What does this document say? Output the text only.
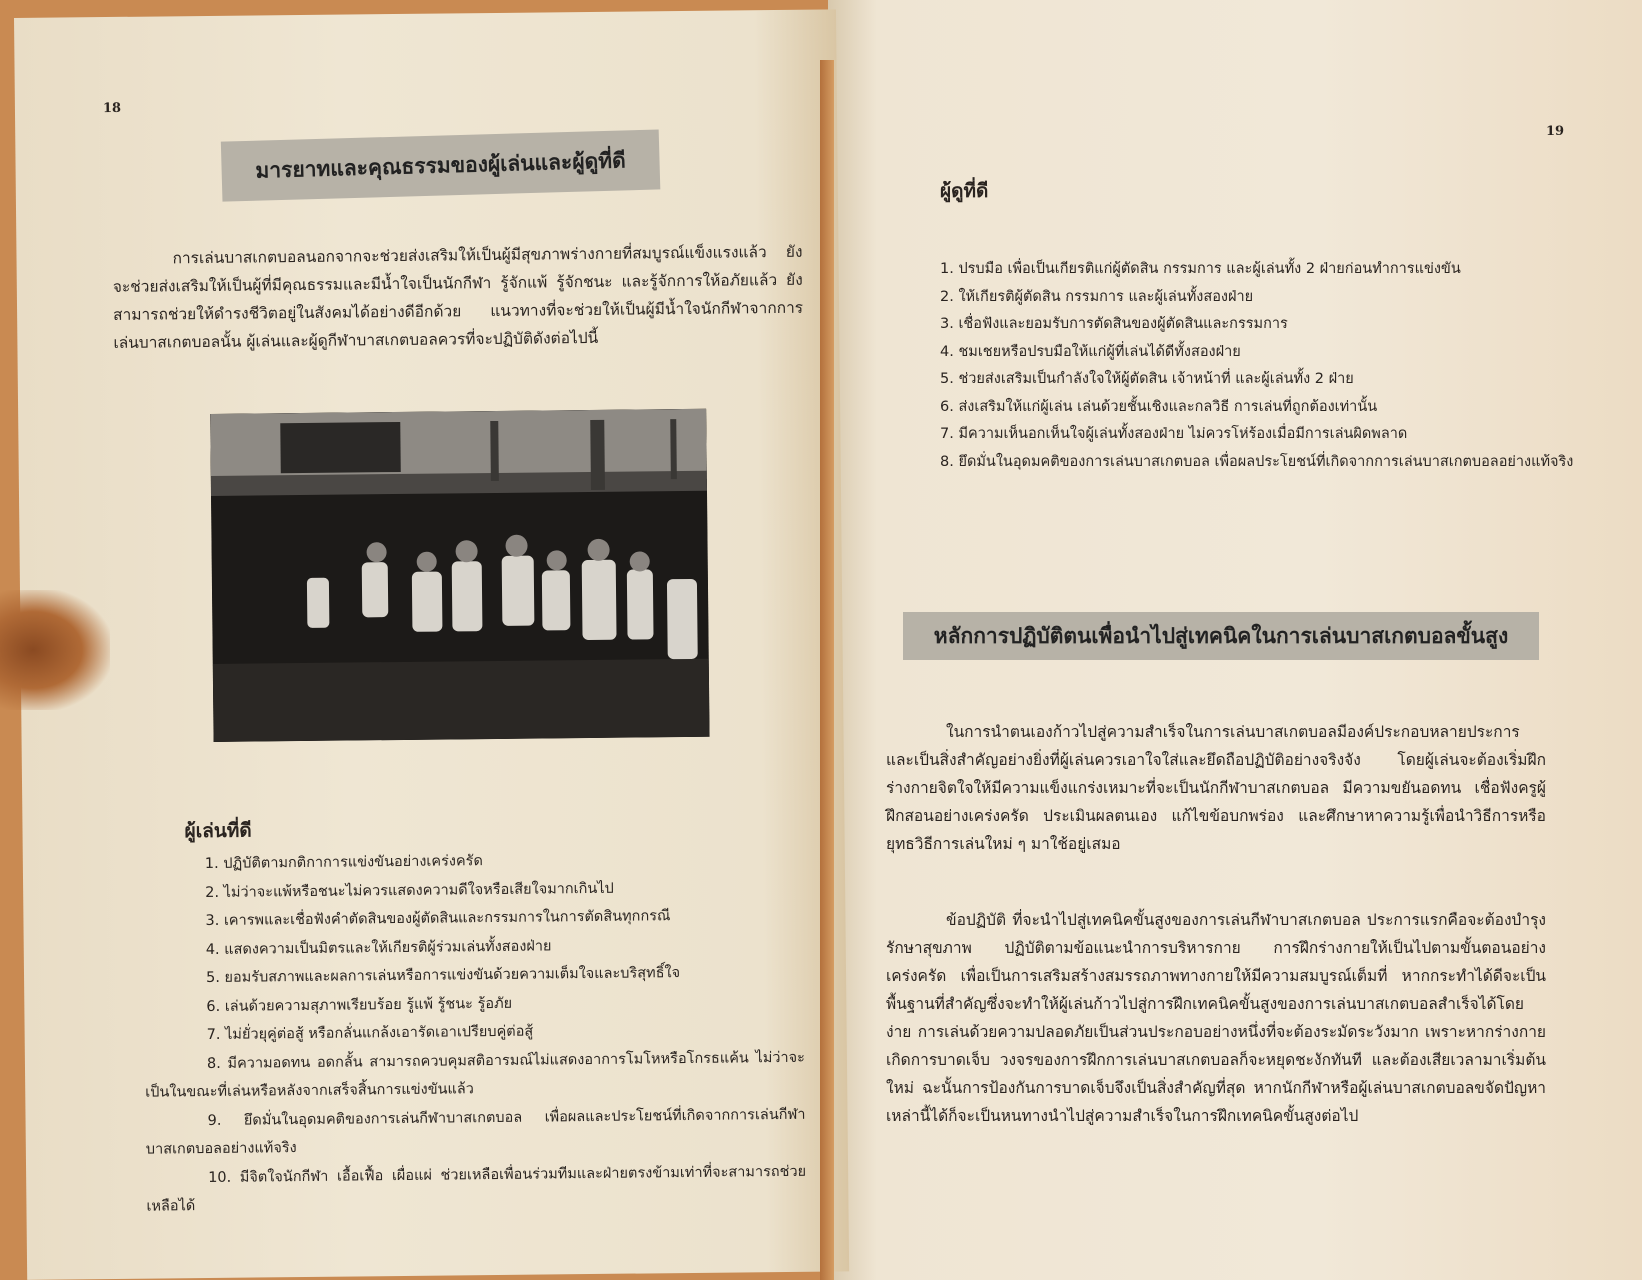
19
ผู้ดูที่ดี
1. ปรบมือ เพื่อเป็นเกียรติแก่ผู้ตัดสิน กรรมการ และผู้เล่นทั้ง 2 ฝ่ายก่อนทำการแข่งขัน
2. ให้เกียรติผู้ตัดสิน กรรมการ และผู้เล่นทั้งสองฝ่าย
3. เชื่อฟังและยอมรับการตัดสินของผู้ตัดสินและกรรมการ
4. ชมเชยหรือปรบมือให้แก่ผู้ที่เล่นได้ดีทั้งสองฝ่าย
5. ช่วยส่งเสริมเป็นกำลังใจให้ผู้ตัดสิน เจ้าหน้าที่ และผู้เล่นทั้ง 2 ฝ่าย
6. ส่งเสริมให้แก่ผู้เล่น เล่นด้วยชั้นเชิงและกลวิธี การเล่นที่ถูกต้องเท่านั้น
7. มีความเห็นอกเห็นใจผู้เล่นทั้งสองฝ่าย ไม่ควรโห่ร้องเมื่อมีการเล่นผิดพลาด
8. ยึดมั่นในอุดมคติของการเล่นบาสเกตบอล เพื่อผลประโยชน์ที่เกิดจากการเล่นบาสเกตบอลอย่างแท้จริง
หลักการปฏิบัติตนเพื่อนำไปสู่เทคนิคในการเล่นบาสเกตบอลขั้นสูง
ในการนำตนเองก้าวไปสู่ความสำเร็จในการเล่นบาสเกตบอลมีองค์ประกอบหลายประการ และเป็นสิ่งสำคัญอย่างยิ่งที่ผู้เล่นควรเอาใจใส่และยึดถือปฏิบัติอย่างจริงจัง โดยผู้เล่นจะต้องเริ่มฝึกร่างกายจิตใจให้มีความแข็งแกร่งเหมาะที่จะเป็นนักกีฬาบาสเกตบอล มีความขยันอดทน เชื่อฟังครูผู้ฝึกสอนอย่างเคร่งครัด ประเมินผลตนเอง แก้ไขข้อบกพร่อง และศึกษาหาความรู้เพื่อนำวิธีการหรือยุทธวิธีการเล่นใหม่ ๆ มาใช้อยู่เสมอ
ข้อปฏิบัติ ที่จะนำไปสู่เทคนิคขั้นสูงของการเล่นกีฬาบาสเกตบอล ประการแรกคือจะต้องบำรุงรักษาสุขภาพ ปฏิบัติตามข้อแนะนำการบริหารกาย การฝึกร่างกายให้เป็นไปตามขั้นตอนอย่างเคร่งครัด เพื่อเป็นการเสริมสร้างสมรรถภาพทางกายให้มีความสมบูรณ์เต็มที่ หากกระทำได้ดีจะเป็นพื้นฐานที่สำคัญซึ่งจะทำให้ผู้เล่นก้าวไปสู่การฝึกเทคนิคขั้นสูงของการเล่นบาสเกตบอลสำเร็จได้โดยง่าย การเล่นด้วยความปลอดภัยเป็นส่วนประกอบอย่างหนึ่งที่จะต้องระมัดระวังมาก เพราะหากร่างกายเกิดการบาดเจ็บ วงจรของการฝึกการเล่นบาสเกตบอลก็จะหยุดชะงักทันที และต้องเสียเวลามาเริ่มต้นใหม่ ฉะนั้นการป้องกันการบาดเจ็บจึงเป็นสิ่งสำคัญที่สุด หากนักกีฬาหรือผู้เล่นบาสเกตบอลขจัดปัญหาเหล่านี้ได้ก็จะเป็นหนทางนำไปสู่ความสำเร็จในการฝึกเทคนิคขั้นสูงต่อไป
18
มารยาทและคุณธรรมของผู้เล่นและผู้ดูที่ดี
การเล่นบาสเกตบอลนอกจากจะช่วยส่งเสริมให้เป็นผู้มีสุขภาพร่างกายที่สมบูรณ์แข็งแรงแล้ว ยังจะช่วยส่งเสริมให้เป็นผู้ที่มีคุณธรรมและมีน้ำใจเป็นนักกีฬา รู้จักแพ้ รู้จักชนะ และรู้จักการให้อภัยแล้ว ยังสามารถช่วยให้ดำรงชีวิตอยู่ในสังคมได้อย่างดีอีกด้วย แนวทางที่จะช่วยให้เป็นผู้มีน้ำใจนักกีฬาจากการเล่นบาสเกตบอลนั้น ผู้เล่นและผู้ดูกีฬาบาสเกตบอลควรที่จะปฏิบัติดังต่อไปนี้
ผู้เล่นที่ดี
1. ปฏิบัติตามกติกาการแข่งขันอย่างเคร่งครัด
2. ไม่ว่าจะแพ้หรือชนะไม่ควรแสดงความดีใจหรือเสียใจมากเกินไป
3. เคารพและเชื่อฟังคำตัดสินของผู้ตัดสินและกรรมการในการตัดสินทุกกรณี
4. แสดงความเป็นมิตรและให้เกียรติผู้ร่วมเล่นทั้งสองฝ่าย
5. ยอมรับสภาพและผลการเล่นหรือการแข่งขันด้วยความเต็มใจและบริสุทธิ์ใจ
6. เล่นด้วยความสุภาพเรียบร้อย รู้แพ้ รู้ชนะ รู้อภัย
7. ไม่ยั่วยุคู่ต่อสู้ หรือกลั่นแกล้งเอารัดเอาเปรียบคู่ต่อสู้
8. มีความอดทน อดกลั้น สามารถควบคุมสติอารมณ์ไม่แสดงอาการโมโหหรือโกรธแค้น ไม่ว่าจะเป็นในขณะที่เล่นหรือหลังจากเสร็จสิ้นการแข่งขันแล้ว
9. ยึดมั่นในอุดมคติของการเล่นกีฬาบาสเกตบอล เพื่อผลและประโยชน์ที่เกิดจากการเล่นกีฬาบาสเกตบอลอย่างแท้จริง
10. มีจิตใจนักกีฬา เอื้อเฟื้อ เผื่อแผ่ ช่วยเหลือเพื่อนร่วมทีมและฝ่ายตรงข้ามเท่าที่จะสามารถช่วยเหลือได้
